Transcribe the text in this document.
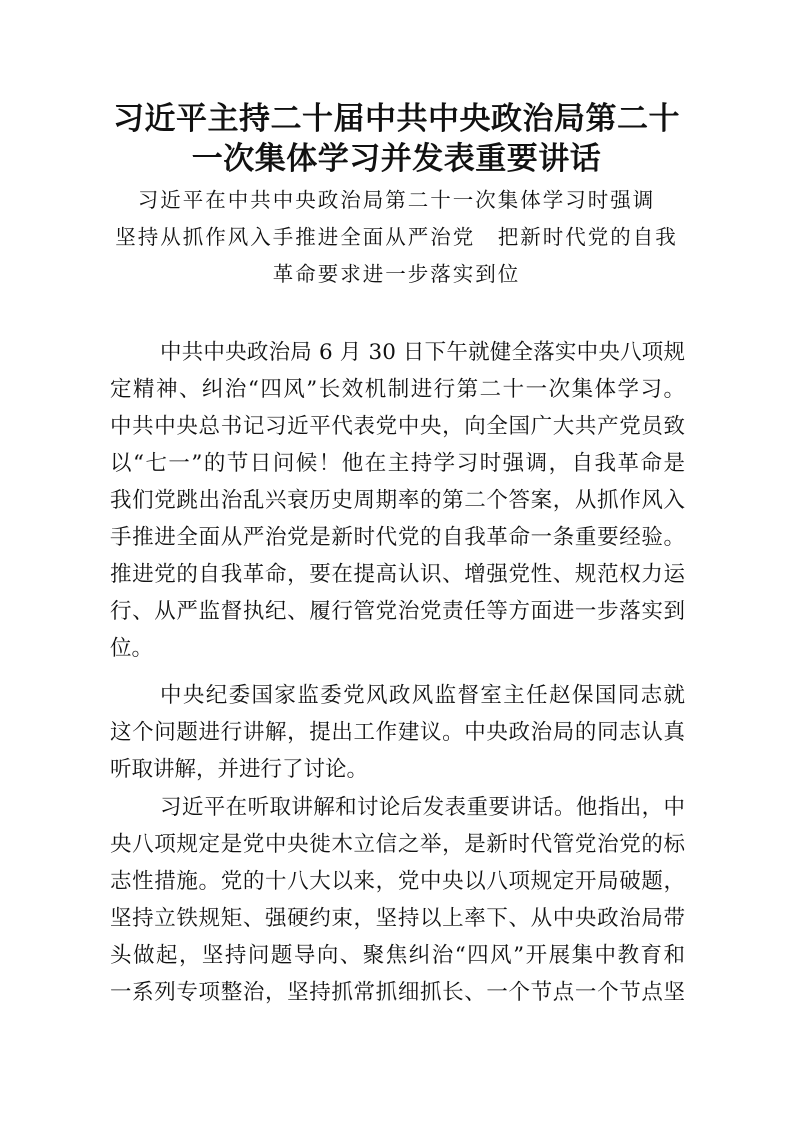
习近平主持二十届中共中央政治局第二十
一次集体学习并发表重要讲话
习近平在中共中央政治局第二十一次集体学习时强调
坚持从抓作风入手推进全面从严治党　把新时代党的自我
革命要求进一步落实到位
中共中央政治局 6 月 30 日下午就健全落实中央八项规
定精神、纠治“四风”长效机制进行第二十一次集体学习。
中共中央总书记习近平代表党中央，向全国广大共产党员致
以“七一”的节日问候！他在主持学习时强调，自我革命是
我们党跳出治乱兴衰历史周期率的第二个答案，从抓作风入
手推进全面从严治党是新时代党的自我革命一条重要经验。
推进党的自我革命，要在提高认识、增强党性、规范权力运
行、从严监督执纪、履行管党治党责任等方面进一步落实到
位。
中央纪委国家监委党风政风监督室主任赵保国同志就
这个问题进行讲解，提出工作建议。中央政治局的同志认真
听取讲解，并进行了讨论。
习近平在听取讲解和讨论后发表重要讲话。他指出，中
央八项规定是党中央徙木立信之举，是新时代管党治党的标
志性措施。党的十八大以来，党中央以八项规定开局破题，
坚持立铁规矩、强硬约束，坚持以上率下、从中央政治局带
头做起，坚持问题导向、聚焦纠治“四风”开展集中教育和
一系列专项整治，坚持抓常抓细抓长、一个节点一个节点坚
